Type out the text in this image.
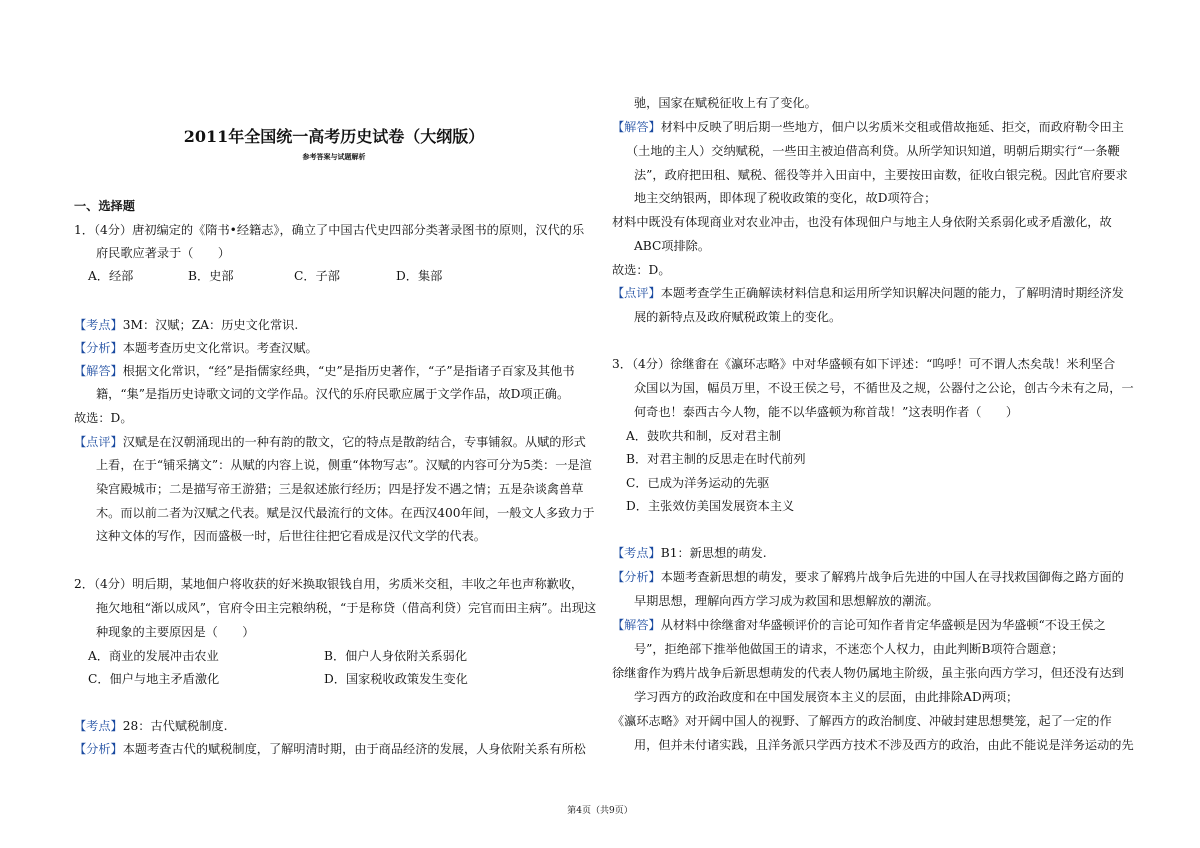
2011年全国统一高考历史试卷（大纲版）
参考答案与试题解析
一、选择题
1．（4分）唐初编定的《隋书•经籍志》，确立了中国古代史四部分类著录图书的原则，汉代的乐
府民歌应著录于（　　）
A．经部	B．史部	C．子部	D．集部
【考点】3M：汉赋；ZA：历史文化常识.
【分析】本题考查历史文化常识。考查汉赋。
【解答】根据文化常识，“经”是指儒家经典，“史”是指历史著作，“子”是指诸子百家及其他书
籍，“集”是指历史诗歌文词的文学作品。汉代的乐府民歌应属于文学作品，故D项正确。
故选：D。
【点评】汉赋是在汉朝涌现出的一种有韵的散文，它的特点是散韵结合，专事铺叙。从赋的形式
上看，在于“铺采摛文”：从赋的内容上说，侧重“体物写志”。汉赋的内容可分为5类：一是渲
染宫殿城市；二是描写帝王游猎；三是叙述旅行经历；四是抒发不遇之情；五是杂谈禽兽草
木。而以前二者为汉赋之代表。赋是汉代最流行的文体。在西汉400年间，一般文人多致力于
这种文体的写作，因而盛极一时，后世往往把它看成是汉代文学的代表。
2．（4分）明后期，某地佃户将收获的好米换取银钱自用，劣质米交租，丰收之年也声称歉收，
拖欠地租“渐以成风”，官府令田主完粮纳税，“于是称贷（借高利贷）完官而田主病”。出现这
种现象的主要原因是（　　）
A．商业的发展冲击农业	B．佃户人身依附关系弱化
C．佃户与地主矛盾激化	D．国家税收政策发生变化
【考点】28：古代赋税制度.
【分析】本题考查古代的赋税制度，了解明清时期，由于商品经济的发展，人身依附关系有所松
驰，国家在赋税征收上有了变化。
【解答】材料中反映了明后期一些地方，佃户以劣质米交租或借故拖延、拒交，而政府勒令田主
（土地的主人）交纳赋税，一些田主被迫借高利贷。从所学知识知道，明朝后期实行“一条鞭
法”，政府把田租、赋税、徭役等并入田亩中，主要按田亩数，征收白银完税。因此官府要求
地主交纳银两，即体现了税收政策的变化，故D项符合；
材料中既没有体现商业对农业冲击，也没有体现佃户与地主人身依附关系弱化或矛盾激化，故
ABC项排除。
故选：D。
【点评】本题考查学生正确解读材料信息和运用所学知识解决问题的能力，了解明清时期经济发
展的新特点及政府赋税政策上的变化。
3．（4分）徐继畬在《瀛环志略》中对华盛顿有如下评述：“呜呼！可不谓人杰矣哉！米利坚合
众国以为国，幅员万里，不设王侯之号，不循世及之规，公器付之公论，创古今未有之局，一
何奇也！泰西古今人物，能不以华盛顿为称首哉！”这表明作者（　　）
A．鼓吹共和制，反对君主制
B．对君主制的反思走在时代前列
C．已成为洋务运动的先驱
D．主张效仿美国发展资本主义
【考点】B1：新思想的萌发.
【分析】本题考查新思想的萌发，要求了解鸦片战争后先进的中国人在寻找救国御侮之路方面的
早期思想，理解向西方学习成为救国和思想解放的潮流。
【解答】从材料中徐继畬对华盛顿评价的言论可知作者肯定华盛顿是因为华盛顿“不设王侯之
号”，拒绝部下推举他做国王的请求，不迷恋个人权力，由此判断B项符合题意；
徐继畬作为鸦片战争后新思想萌发的代表人物仍属地主阶级，虽主张向西方学习，但还没有达到
学习西方的政治政度和在中国发展资本主义的层面，由此排除AD两项；
《瀛环志略》对开阔中国人的视野、了解西方的政治制度、冲破封建思想樊笼，起了一定的作
用，但并未付诸实践，且洋务派只学西方技术不涉及西方的政治，由此不能说是洋务运动的先
第4页（共9页）
